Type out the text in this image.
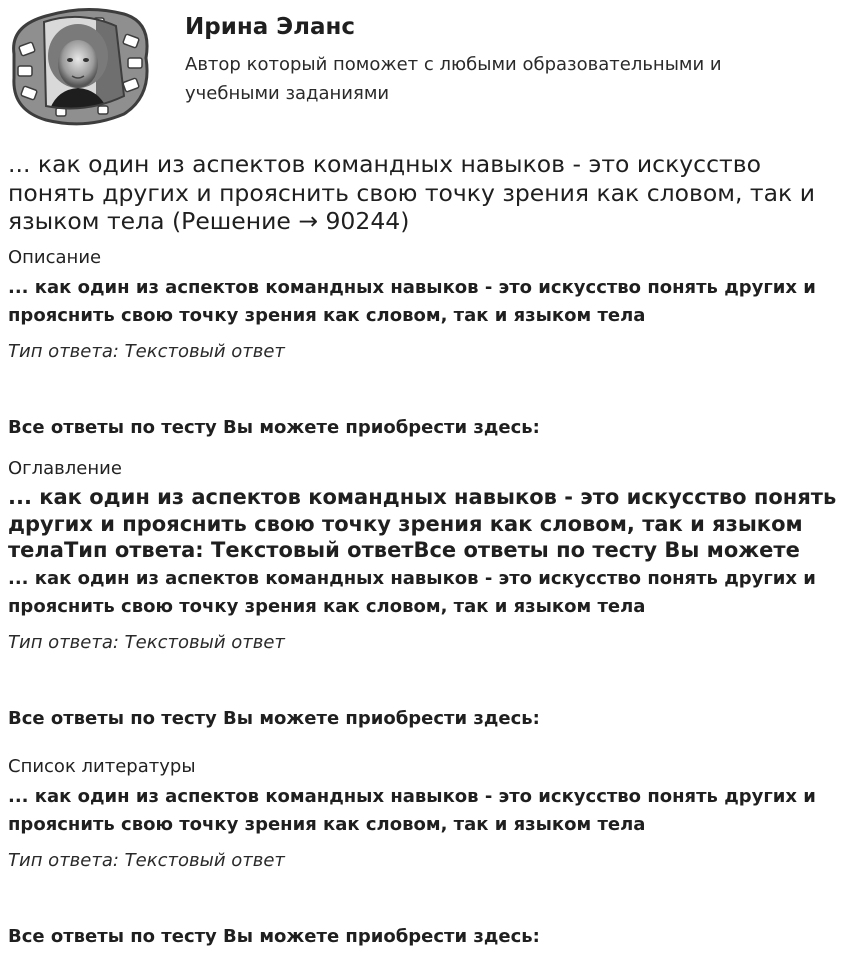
Ирина Эланс

Автор который поможет с любыми образовательными и учебными заданиями

... как один из аспектов командных навыков - это искусство понять других и прояснить свою точку зрения как словом, так и языком тела (Решение → 90244)

Описание

... как один из аспектов командных навыков - это искусство понять других и прояснить свою точку зрения как словом, так и языком тела

Тип ответа: Текстовый ответ

Все ответы по тесту Вы можете приобрести здесь:

Оглавление

... как один из аспектов командных навыков - это искусство понять других и прояснить свою точку зрения как словом, так и языком телаТип ответа: Текстовый ответВсе ответы по тесту Вы можете

... как один из аспектов командных навыков - это искусство понять других и прояснить свою точку зрения как словом, так и языком тела

Тип ответа: Текстовый ответ

Все ответы по тесту Вы можете приобрести здесь:

Список литературы

... как один из аспектов командных навыков - это искусство понять других и прояснить свою точку зрения как словом, так и языком тела

Тип ответа: Текстовый ответ

Все ответы по тесту Вы можете приобрести здесь:
